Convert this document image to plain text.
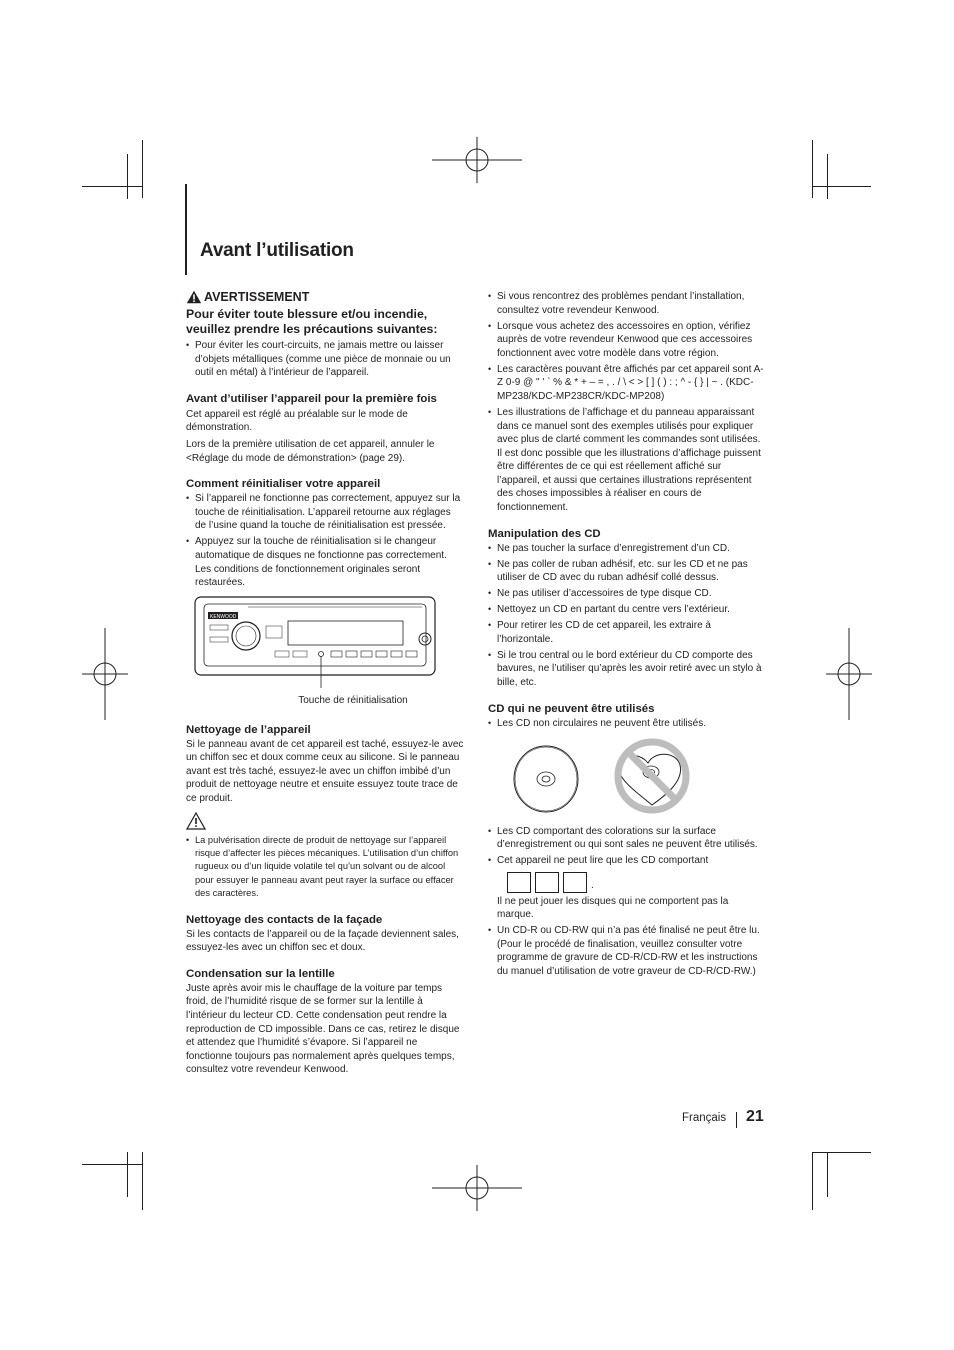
Avant l’utilisation
AVERTISSEMENT
Pour éviter toute blessure et/ou incendie, veuillez prendre les précautions suivantes:
• Pour éviter les court-circuits, ne jamais mettre ou laisser d’objets métalliques (comme une pièce de monnaie ou un outil en métal) à l’intérieur de l’appareil.
Avant d’utiliser l’appareil pour la première fois

Cet appareil est réglé au préalable sur le mode de démonstration.

Lors de la première utilisation de cet appareil, annuler le <Réglage du mode de démonstration> (page 29).

Comment réinitialiser votre appareil
• Si l’appareil ne fonctionne pas correctement, appuyez sur la touche de réinitialisation. L’appareil retourne aux réglages de l’usine quand la touche de réinitialisation est pressée.
• Appuyez sur la touche de réinitialisation si le changeur automatique de disques ne fonctionne pas correctement. Les conditions de fonctionnement originales seront restaurées.
KENWOOD

Touche de réinitialisation

Nettoyage de l’appareil

Si le panneau avant de cet appareil est taché, essuyez-le avec un chiffon sec et doux comme ceux au silicone. Si le panneau avant est très taché, essuyez-le avec un chiffon imbibé d’un produit de nettoyage neutre et ensuite essuyez toute trace de ce produit.

• La pulvérisation directe de produit de nettoyage sur l’appareil risque d’affecter les pièces mécaniques. L’utilisation d’un chiffon rugueux ou d’un liquide volatile tel qu’un solvant ou de alcool pour essuyer le panneau avant peut rayer la surface ou effacer des caractères.
Nettoyage des contacts de la façade

Si les contacts de l’appareil ou de la façade deviennent sales, essuyez-les avec un chiffon sec et doux.

Condensation sur la lentille

Juste après avoir mis le chauffage de la voiture par temps froid, de l’humidité risque de se former sur la lentille à l’intérieur du lecteur CD. Cette condensation peut rendre la reproduction de CD impossible. Dans ce cas, retirez le disque et attendez que l’humidité s’évapore. Si l’appareil ne fonctionne toujours pas normalement après quelques temps, consultez votre revendeur Kenwood.

• Si vous rencontrez des problèmes pendant l’installation, consultez votre revendeur Kenwood.
• Lorsque vous achetez des accessoires en option, vérifiez auprès de votre revendeur Kenwood que ces accessoires fonctionnent avec votre modèle dans votre région.
• Les caractères pouvant être affichés par cet appareil sont A-Z 0-9 @ " ' ` % & * + – = , . / \ < > [ ] ( ) : ; ^ - { } | ~ . (KDC-MP238/KDC-MP238CR/KDC-MP208)
• Les illustrations de l’affichage et du panneau apparaissant dans ce manuel sont des exemples utilisés pour expliquer avec plus de clarté comment les commandes sont utilisées. Il est donc possible que les illustrations d’affichage puissent être différentes de ce qui est réellement affiché sur l’appareil, et aussi que certaines illustrations représentent des choses impossibles à réaliser en cours de fonctionnement.
Manipulation des CD
• Ne pas toucher la surface d’enregistrement d’un CD.
• Ne pas coller de ruban adhésif, etc. sur les CD et ne pas utiliser de CD avec du ruban adhésif collé dessus.
• Ne pas utiliser d’accessoires de type disque CD.
• Nettoyez un CD en partant du centre vers l’extérieur.
• Pour retirer les CD de cet appareil, les extraire à l’horizontale.
• Si le trou central ou le bord extérieur du CD comporte des bavures, ne l’utiliser qu’après les avoir retiré avec un stylo à bille, etc.
CD qui ne peuvent être utilisés
• Les CD non circulaires ne peuvent être utilisés.
• Les CD comportant des colorations sur la surface d’enregistrement ou qui sont sales ne peuvent être utilisés.
• Cet appareil ne peut lire que les CD comportant
.
Il ne peut jouer les disques qui ne comportent pas la marque.
• Un CD-R ou CD-RW qui n’a pas été finalisé ne peut être lu. (Pour le procédé de finalisation, veuillez consulter votre programme de gravure de CD-R/CD-RW et les instructions du manuel d’utilisation de votre graveur de CD-R/CD-RW.)
Français 21
